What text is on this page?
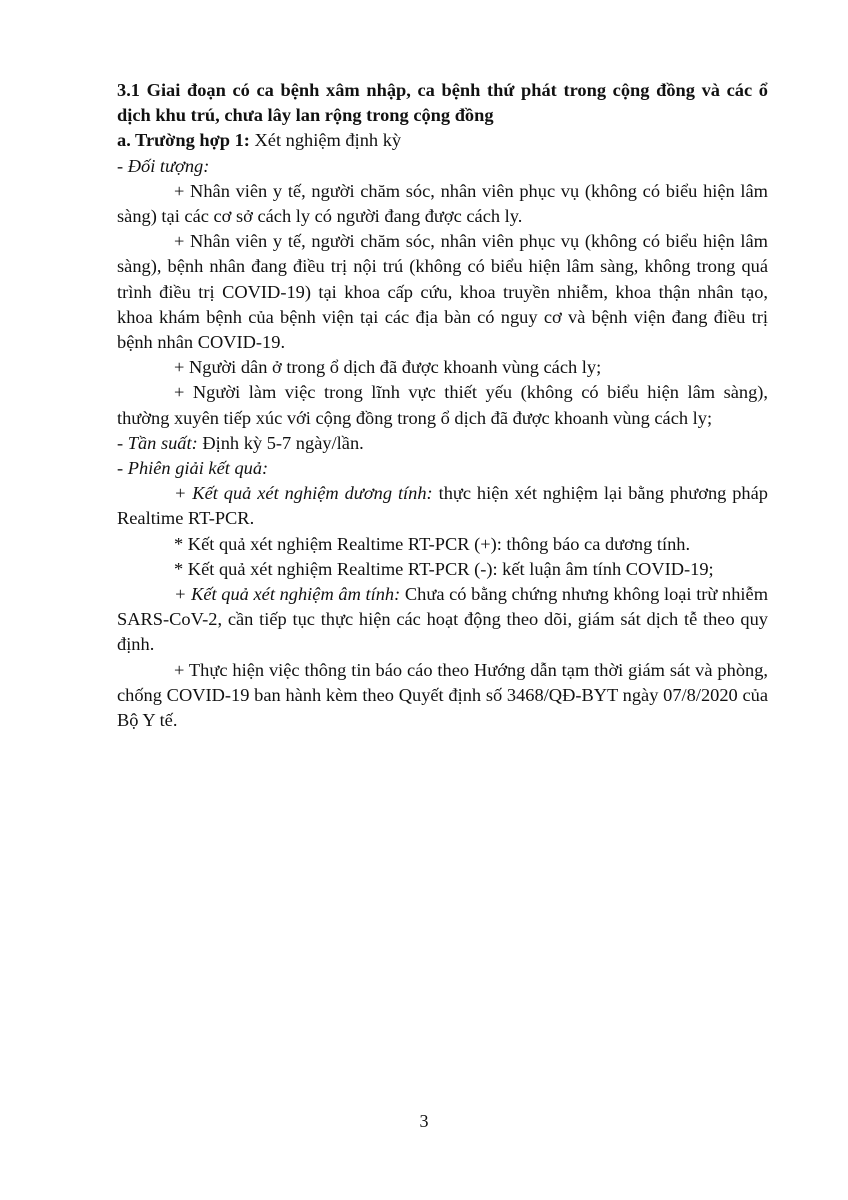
3.1 Giai đoạn có ca bệnh xâm nhập, ca bệnh thứ phát trong cộng đồng và các ổ dịch khu trú, chưa lây lan rộng trong cộng đồng

a. Trường hợp 1: Xét nghiệm định kỳ

- Đối tượng:

+ Nhân viên y tế, người chăm sóc, nhân viên phục vụ (không có biểu hiện lâm sàng) tại các cơ sở cách ly có người đang được cách ly.

+ Nhân viên y tế, người chăm sóc, nhân viên phục vụ (không có biểu hiện lâm sàng), bệnh nhân đang điều trị nội trú (không có biểu hiện lâm sàng, không trong quá trình điều trị COVID-19) tại khoa cấp cứu, khoa truyền nhiễm, khoa thận nhân tạo, khoa khám bệnh của bệnh viện tại các địa bàn có nguy cơ và bệnh viện đang điều trị bệnh nhân COVID-19.

+ Người dân ở trong ổ dịch đã được khoanh vùng cách ly;

+ Người làm việc trong lĩnh vực thiết yếu (không có biểu hiện lâm sàng), thường xuyên tiếp xúc với cộng đồng trong ổ dịch đã được khoanh vùng cách ly;

- Tần suất: Định kỳ 5-7 ngày/lần.

- Phiên giải kết quả:

+ Kết quả xét nghiệm dương tính: thực hiện xét nghiệm lại bằng phương pháp Realtime RT-PCR.

* Kết quả xét nghiệm Realtime RT-PCR (+): thông báo ca dương tính.

* Kết quả xét nghiệm Realtime RT-PCR (-): kết luận âm tính COVID-19;

+ Kết quả xét nghiệm âm tính: Chưa có bằng chứng nhưng không loại trừ nhiễm SARS-CoV-2, cần tiếp tục thực hiện các hoạt động theo dõi, giám sát dịch tễ theo quy định.

+ Thực hiện việc thông tin báo cáo theo Hướng dẫn tạm thời giám sát và phòng, chống COVID-19 ban hành kèm theo Quyết định số 3468/QĐ-BYT ngày 07/8/2020 của Bộ Y tế.

3
